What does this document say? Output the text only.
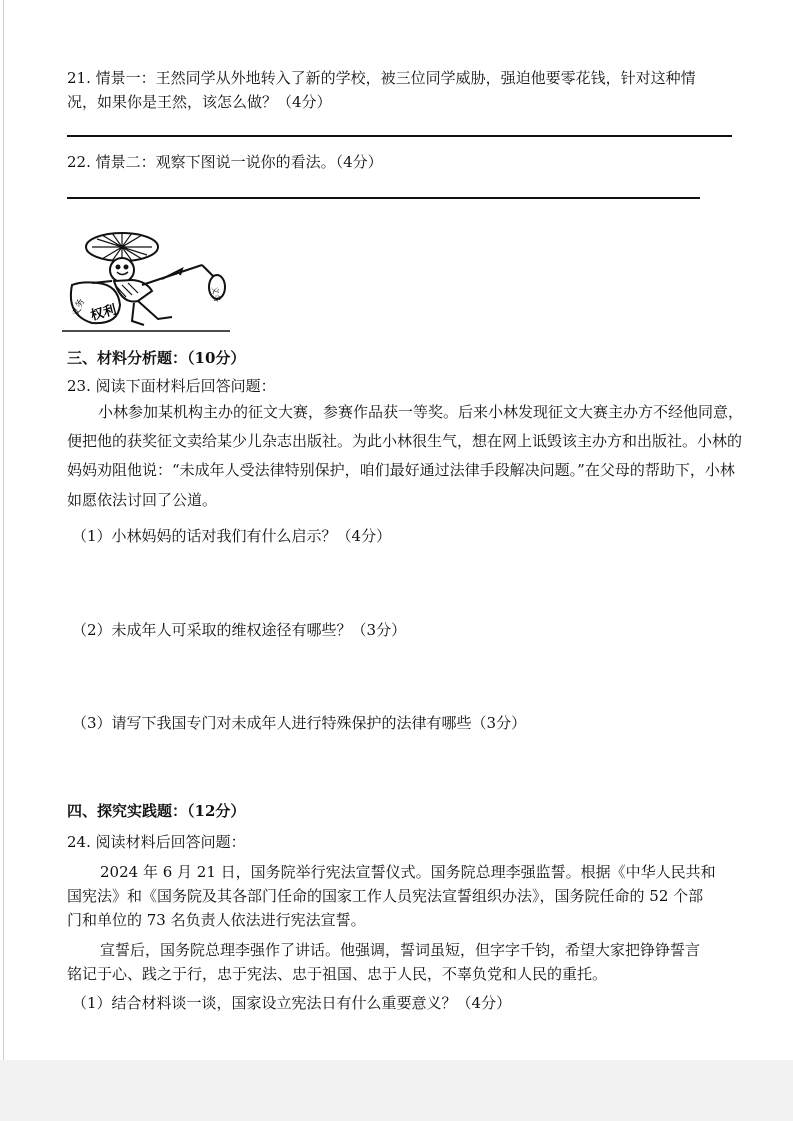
21. 情景一：王然同学从外地转入了新的学校，被三位同学威胁，强迫他要零花钱，针对这种情
况，如果你是王然，该怎么做？（4分）
22. 情景二：观察下图说一说你的看法。（4分）
义务 权利
义务
三、材料分析题：（10分）
23. 阅读下面材料后回答问题：
小林参加某机构主办的征文大赛，参赛作品获一等奖。后来小林发现征文大赛主办方不经他同意，
便把他的获奖征文卖给某少儿杂志出版社。为此小林很生气，想在网上诋毁该主办方和出版社。小林的
妈妈劝阻他说：“未成年人受法律特别保护，咱们最好通过法律手段解决问题。”在父母的帮助下，小林
如愿依法讨回了公道。
（1）小林妈妈的话对我们有什么启示？（4分）
（2）未成年人可采取的维权途径有哪些？（3分）
（3）请写下我国专门对未成年人进行特殊保护的法律有哪些（3分）
四、探究实践题：（12分）
24. 阅读材料后回答问题：
2024 年 6 月 21 日，国务院举行宪法宣誓仪式。国务院总理李强监誓。根据《中华人民共和
国宪法》和《国务院及其各部门任命的国家工作人员宪法宣誓组织办法》，国务院任命的 52 个部
门和单位的 73 名负责人依法进行宪法宣誓。
宣誓后，国务院总理李强作了讲话。他强调，誓词虽短，但字字千钧，希望大家把铮铮誓言
铭记于心、践之于行，忠于宪法、忠于祖国、忠于人民，不辜负党和人民的重托。
（1）结合材料谈一谈，国家设立宪法日有什么重要意义？（4分）
